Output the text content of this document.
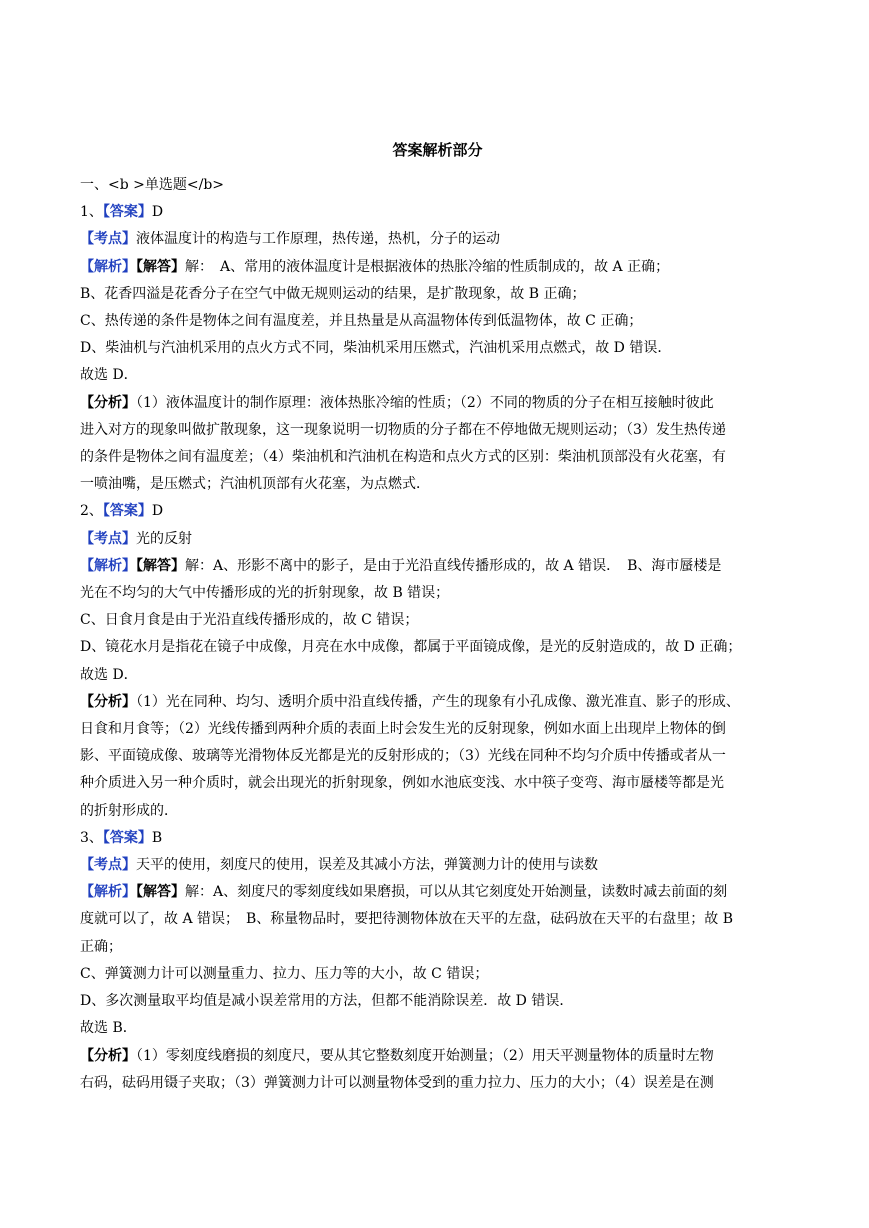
答案解析部分
一、<b >单选题</b>
1、【答案】D
【考点】液体温度计的构造与工作原理，热传递，热机，分子的运动
【解析】【解答】解：　A、常用的液体温度计是根据液体的热胀冷缩的性质制成的，故 A 正确；
B、花香四溢是花香分子在空气中做无规则运动的结果，是扩散现象，故 B 正确；
C、热传递的条件是物体之间有温度差，并且热量是从高温物体传到低温物体，故 C 正确；
D、柴油机与汽油机采用的点火方式不同，柴油机采用压燃式，汽油机采用点燃式，故 D 错误．
故选 D．
【分析】（1）液体温度计的制作原理：液体热胀冷缩的性质；（2）不同的物质的分子在相互接触时彼此
进入对方的现象叫做扩散现象，这一现象说明一切物质的分子都在不停地做无规则运动；（3）发生热传递
的条件是物体之间有温度差；（4）柴油机和汽油机在构造和点火方式的区别：柴油机顶部没有火花塞，有
一喷油嘴，是压燃式；汽油机顶部有火花塞，为点燃式．
2、【答案】D
【考点】光的反射
【解析】【解答】解：A、形影不离中的影子，是由于光沿直线传播形成的，故 A 错误．　B、海市蜃楼是
光在不均匀的大气中传播形成的光的折射现象，故 B 错误；
C、日食月食是由于光沿直线传播形成的，故 C 错误；
D、镜花水月是指花在镜子中成像，月亮在水中成像，都属于平面镜成像，是光的反射造成的，故 D 正确；
故选 D．
【分析】（1）光在同种、均匀、透明介质中沿直线传播，产生的现象有小孔成像、激光准直、影子的形成、
日食和月食等；（2）光线传播到两种介质的表面上时会发生光的反射现象，例如水面上出现岸上物体的倒
影、平面镜成像、玻璃等光滑物体反光都是光的反射形成的；（3）光线在同种不均匀介质中传播或者从一
种介质进入另一种介质时，就会出现光的折射现象，例如水池底变浅、水中筷子变弯、海市蜃楼等都是光
的折射形成的．
3、【答案】B
【考点】天平的使用，刻度尺的使用，误差及其减小方法，弹簧测力计的使用与读数
【解析】【解答】解：A、刻度尺的零刻度线如果磨损，可以从其它刻度处开始测量，读数时减去前面的刻
度就可以了，故 A 错误；　B、称量物品时，要把待测物体放在天平的左盘，砝码放在天平的右盘里；故 B
正确；
C、弹簧测力计可以测量重力、拉力、压力等的大小，故 C 错误；
D、多次测量取平均值是减小误差常用的方法，但都不能消除误差．故 D 错误．
故选 B．
【分析】（1）零刻度线磨损的刻度尺，要从其它整数刻度开始测量；（2）用天平测量物体的质量时左物
右码，砝码用镊子夹取；（3）弹簧测力计可以测量物体受到的重力拉力、压力的大小；（4）误差是在测
